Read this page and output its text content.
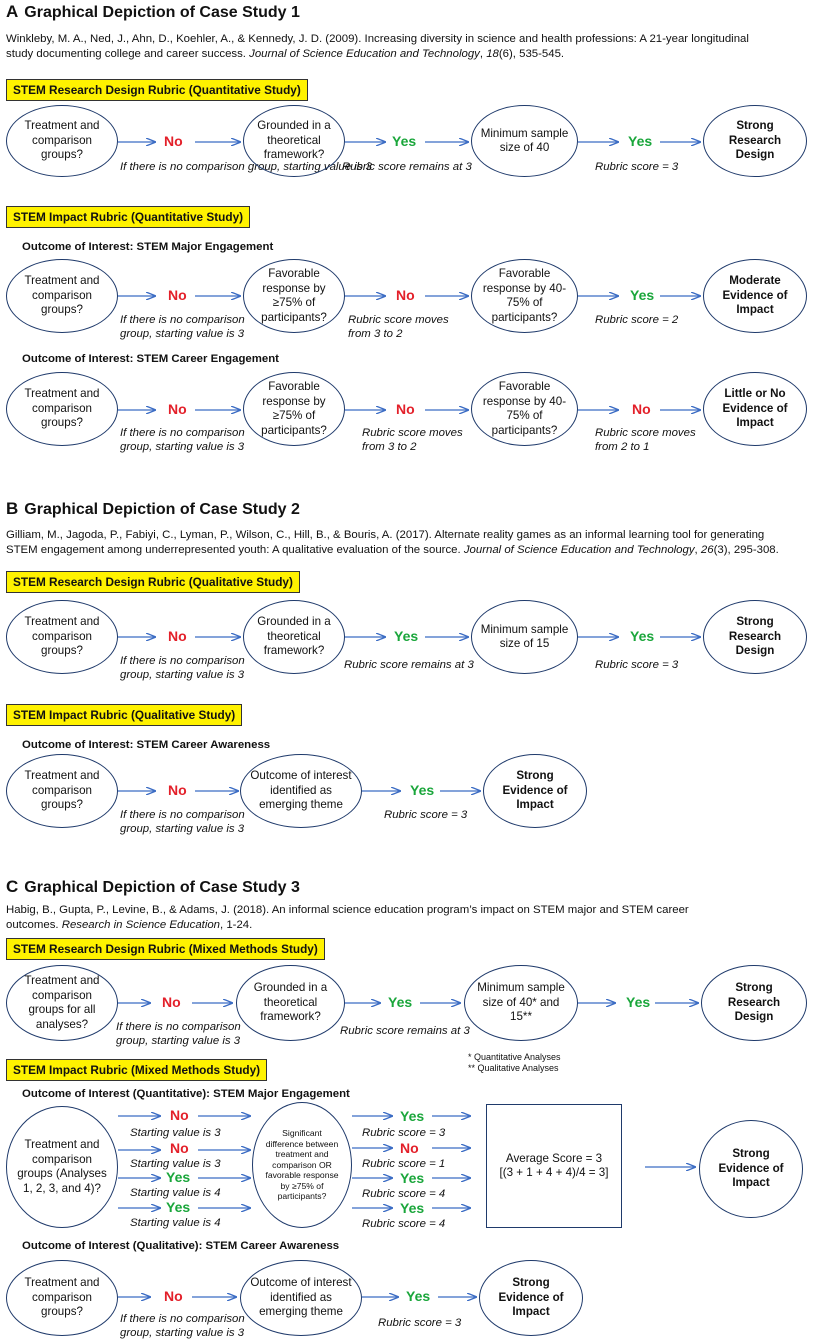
A Graphical Depiction of Case Study 1
Winkleby, M. A., Ned, J., Ahn, D., Koehler, A., & Kennedy, J. D. (2009). Increasing diversity in science and health professions: A 21-year longitudinal
study documenting college and career success. Journal of Science Education and Technology, 18(6), 535-545.
STEM Research Design Rubric (Quantitative Study)
Treatment and comparison groups?
No
If there is no comparison group, starting value is 3
Grounded in a theoretical framework?
Yes
Rubric score remains at 3
Minimum sample size of 40	Yes
Rubric score = 3
Strong Research Design
STEM Impact Rubric (Quantitative Study)
Outcome of Interest: STEM Major Engagement
Treatment and comparison groups?
No
If there is no comparison group, starting value is 3
Favorable response by ≥75% of participants?
No
Rubric score moves from 3 to 2
Favorable response by 40-75% of participants?
Yes
Rubric score = 2
Moderate Evidence of Impact
Outcome of Interest: STEM Career Engagement
Treatment and comparison groups?
No
If there is no comparison group, starting value is 3
Favorable response by ≥75% of participants?
No
Rubric score moves from 3 to 2
Favorable response by 40-75% of participants?
No
Rubric score moves from 2 to 1
Little or No Evidence of Impact
B Graphical Depiction of Case Study 2
Gilliam, M., Jagoda, P., Fabiyi, C., Lyman, P., Wilson, C., Hill, B., & Bouris, A. (2017). Alternate reality games as an informal learning tool for generating
STEM engagement among underrepresented youth: A qualitative evaluation of the source. Journal of Science Education and Technology, 26(3), 295-308.
STEM Research Design Rubric (Qualitative Study)
Treatment and comparison groups?
No
If there is no comparison group, starting value is 3
Grounded in a theoretical framework?
Yes
Rubric score remains at 3
Minimum sample size of 15	Yes
Rubric score = 3
Strong Research Design
STEM Impact Rubric (Qualitative Study)
Outcome of Interest: STEM Career Awareness
Treatment and comparison groups?
No
If there is no comparison group, starting value is 3
Outcome of interest identified as emerging theme
Yes
Rubric score = 3
Strong Evidence of Impact
C Graphical Depiction of Case Study 3
Habig, B., Gupta, P., Levine, B., & Adams, J. (2018). An informal science education program’s impact on STEM major and STEM career
outcomes. Research in Science Education, 1-24.
STEM Research Design Rubric (Mixed Methods Study)
Treatment and comparison groups for all analyses?
No
If there is no comparison group, starting value is 3
Grounded in a theoretical framework?
Yes
Rubric score remains at 3
Minimum sample size of 40* and 15**
Yes
Strong Research Design
* Quantitative Analyses
** Qualitative Analyses
STEM Impact Rubric (Mixed Methods Study)
Outcome of Interest (Quantitative): STEM Major Engagement
Treatment and comparison groups (Analyses 1, 2, 3, and 4)?
No
Starting value is 3
No
Starting value is 3
Yes
Starting value is 4
Yes
Starting value is 4
Significant difference between treatment and comparison OR favorable response by ≥75% of participants?
Yes
Rubric score = 3
No
Rubric score = 1
Yes
Rubric score = 4
Yes
Rubric score = 4
Average Score = 3
[(3 + 1 + 4 + 4)/4 = 3]
Strong Evidence of Impact
Outcome of Interest (Qualitative): STEM Career Awareness
Treatment and comparison groups?
No
If there is no comparison group, starting value is 3
Outcome of interest identified as emerging theme
Yes
Rubric score = 3
Strong Evidence of Impact
